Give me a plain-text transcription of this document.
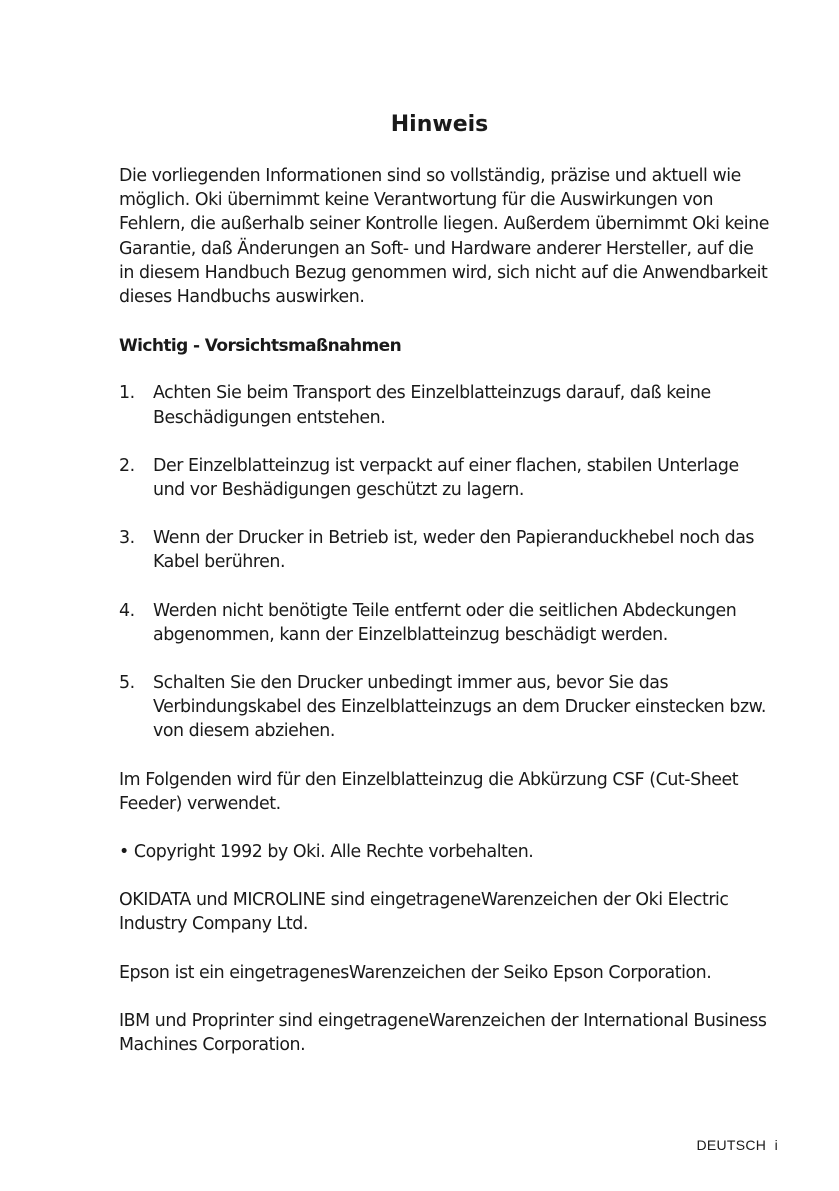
Hinweis

Die vorliegenden Informationen sind so vollständig, präzise und aktuell wie möglich. Oki übernimmt keine Verantwortung für die Auswirkungen von Fehlern, die außerhalb seiner Kontrolle liegen. Außerdem übernimmt Oki keine Garantie, daß Änderungen an Soft- und Hardware anderer Hersteller, auf die in diesem Handbuch Bezug genommen wird, sich nicht auf die Anwendbarkeit dieses Handbuchs auswirken.

Wichtig - Vorsichtsmaßnahmen

1.	Achten Sie beim Transport des Einzelblatteinzugs darauf, daß keine Beschädigungen entstehen.
2.	Der Einzelblatteinzug ist verpackt auf einer flachen, stabilen Unterlage und vor Beshädigungen geschützt zu lagern.
3.	Wenn der Drucker in Betrieb ist, weder den Papieranduckhebel noch das Kabel berühren.
4.	Werden nicht benötigte Teile entfernt oder die seitlichen Abdeckungen abgenommen, kann der Einzelblatteinzug beschädigt werden.
5.	Schalten Sie den Drucker unbedingt immer aus, bevor Sie das Verbindungskabel des Einzelblatteinzugs an dem Drucker einstecken bzw. von diesem abziehen.

Im Folgenden wird für den Einzelblatteinzug die Abkürzung CSF (Cut-Sheet Feeder) verwendet.

• Copyright 1992 by Oki. Alle Rechte vorbehalten.

OKIDATA und MICROLINE sind eingetrageneWarenzeichen der Oki Electric Industry Company Ltd.

Epson ist ein eingetragenesWarenzeichen der Seiko Epson Corporation.

IBM und Proprinter sind eingetrageneWarenzeichen der International Business Machines Corporation.

DEUTSCH  i
